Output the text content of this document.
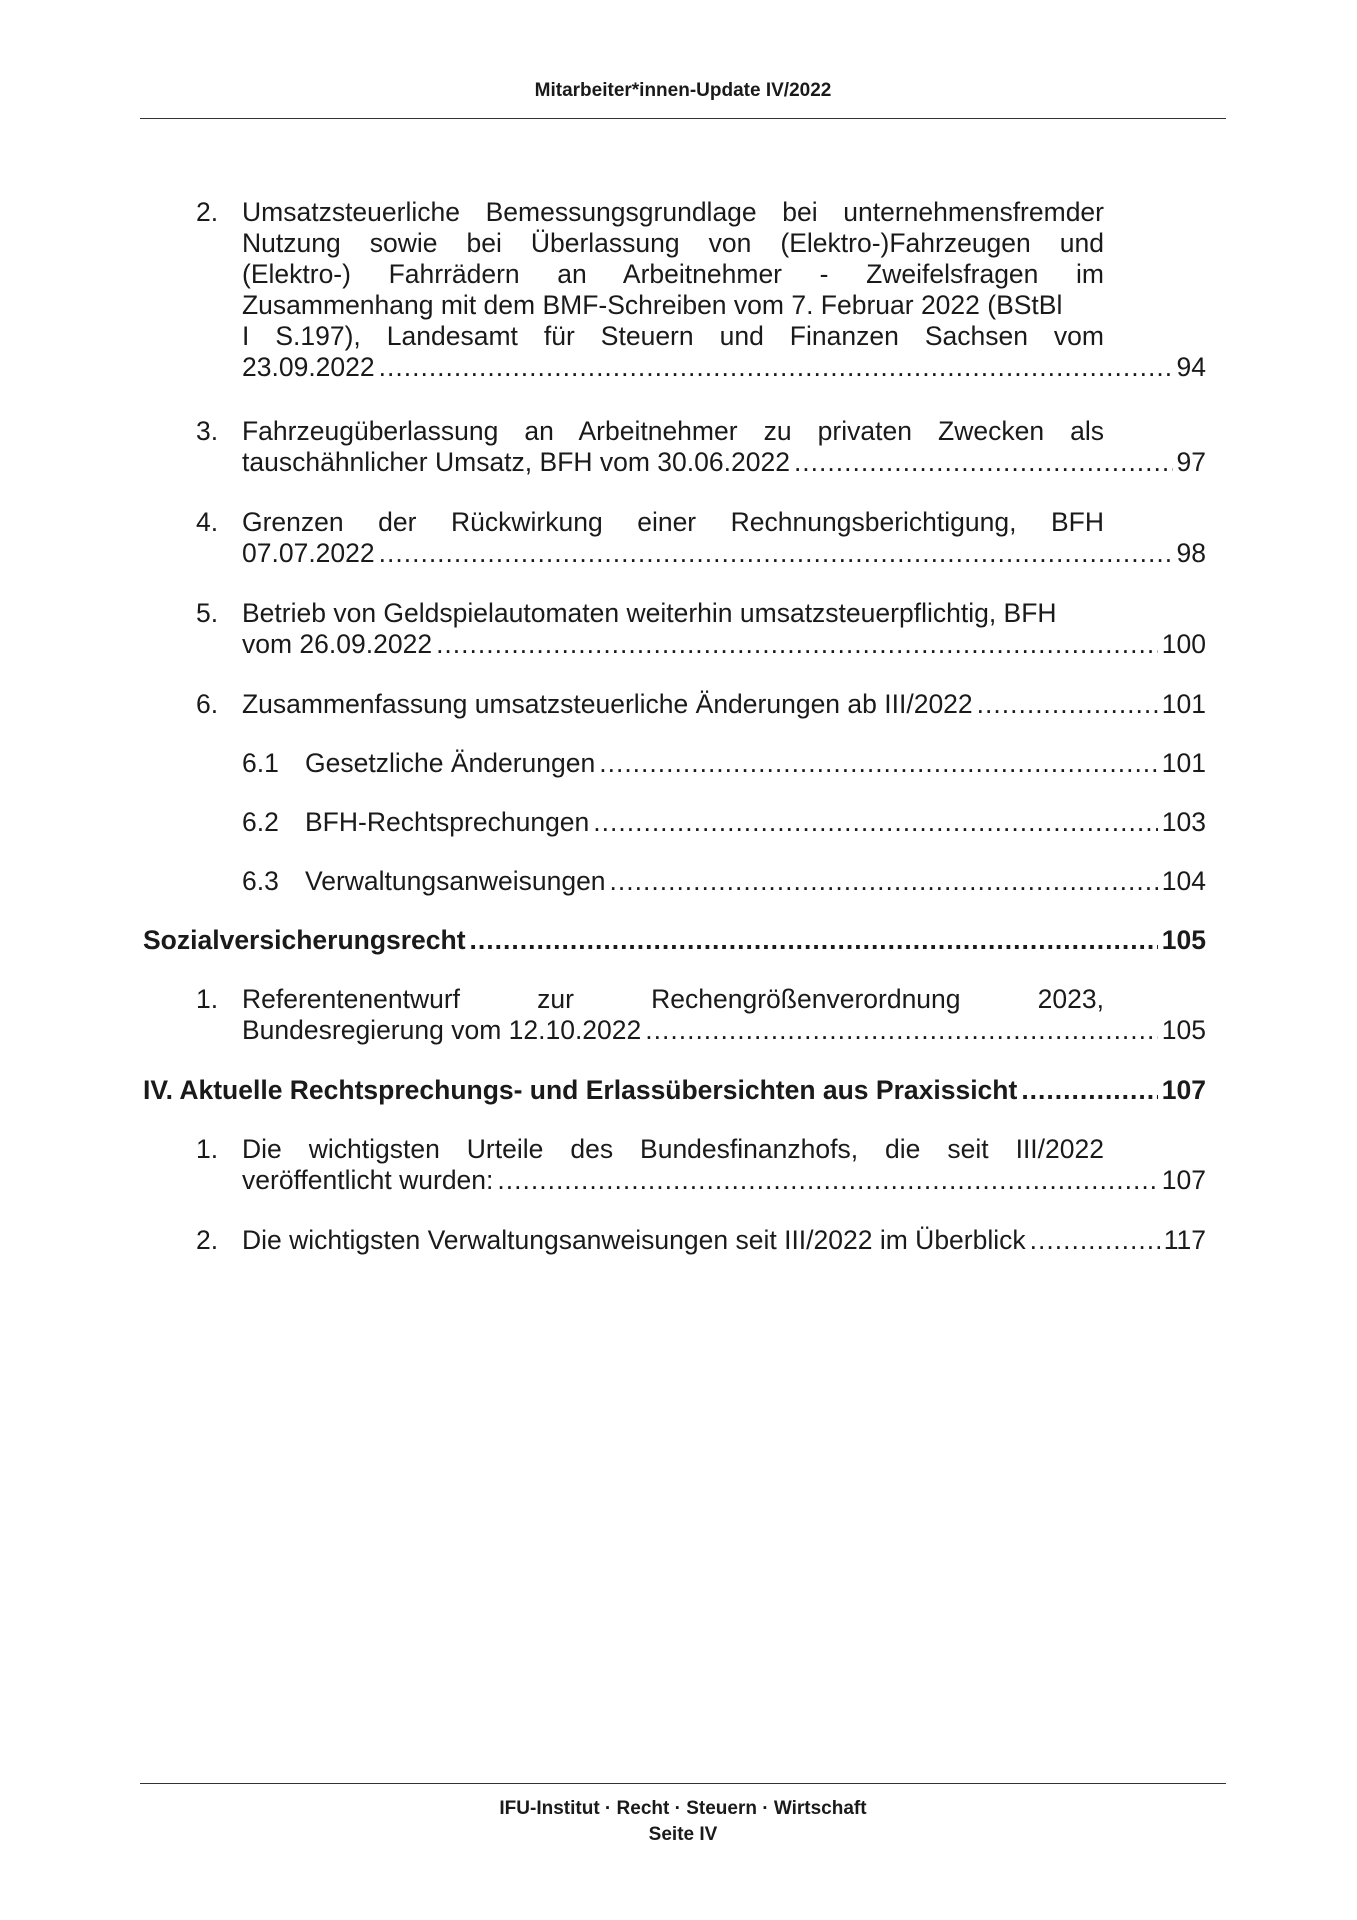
Mitarbeiter*innen-Update IV/2022
2. Umsatzsteuerliche Bemessungsgrundlage bei unternehmensfremder
Nutzung sowie bei Überlassung von (Elektro-)Fahrzeugen und
(Elektro-) Fahrrädern an Arbeitnehmer - Zweifelsfragen im
Zusammenhang mit dem BMF-Schreiben vom 7. Februar 2022 (BStBl
I S.197), Landesamt für Steuern und Finanzen Sachsen vom
23.09.2022 .....	94
3. Fahrzeugüberlassung an Arbeitnehmer zu privaten Zwecken als
tauschähnlicher Umsatz, BFH vom 30.06.2022 .....	97
4. Grenzen der Rückwirkung einer Rechnungsberichtigung, BFH
07.07.2022 .....	98
5. Betrieb von Geldspielautomaten weiterhin umsatzsteuerpflichtig, BFH
vom 26.09.2022 .....	100
6. Zusammenfassung umsatzsteuerliche Änderungen ab III/2022 .....	101
6.1 Gesetzliche Änderungen .....	101
6.2 BFH-Rechtsprechungen .....	103
6.3 Verwaltungsanweisungen .....	104
Sozialversicherungsrecht .....	105
1. Referentenentwurf zur Rechengrößenverordnung 2023,
Bundesregierung vom 12.10.2022 .....	105
IV. Aktuelle Rechtsprechungs- und Erlassübersichten aus Praxissicht .....	107
1. Die wichtigsten Urteile des Bundesfinanzhofs, die seit III/2022
veröffentlicht wurden: .....	107
2. Die wichtigsten Verwaltungsanweisungen seit III/2022 im Überblick .....	117
IFU-Institut · Recht · Steuern · Wirtschaft
Seite IV
